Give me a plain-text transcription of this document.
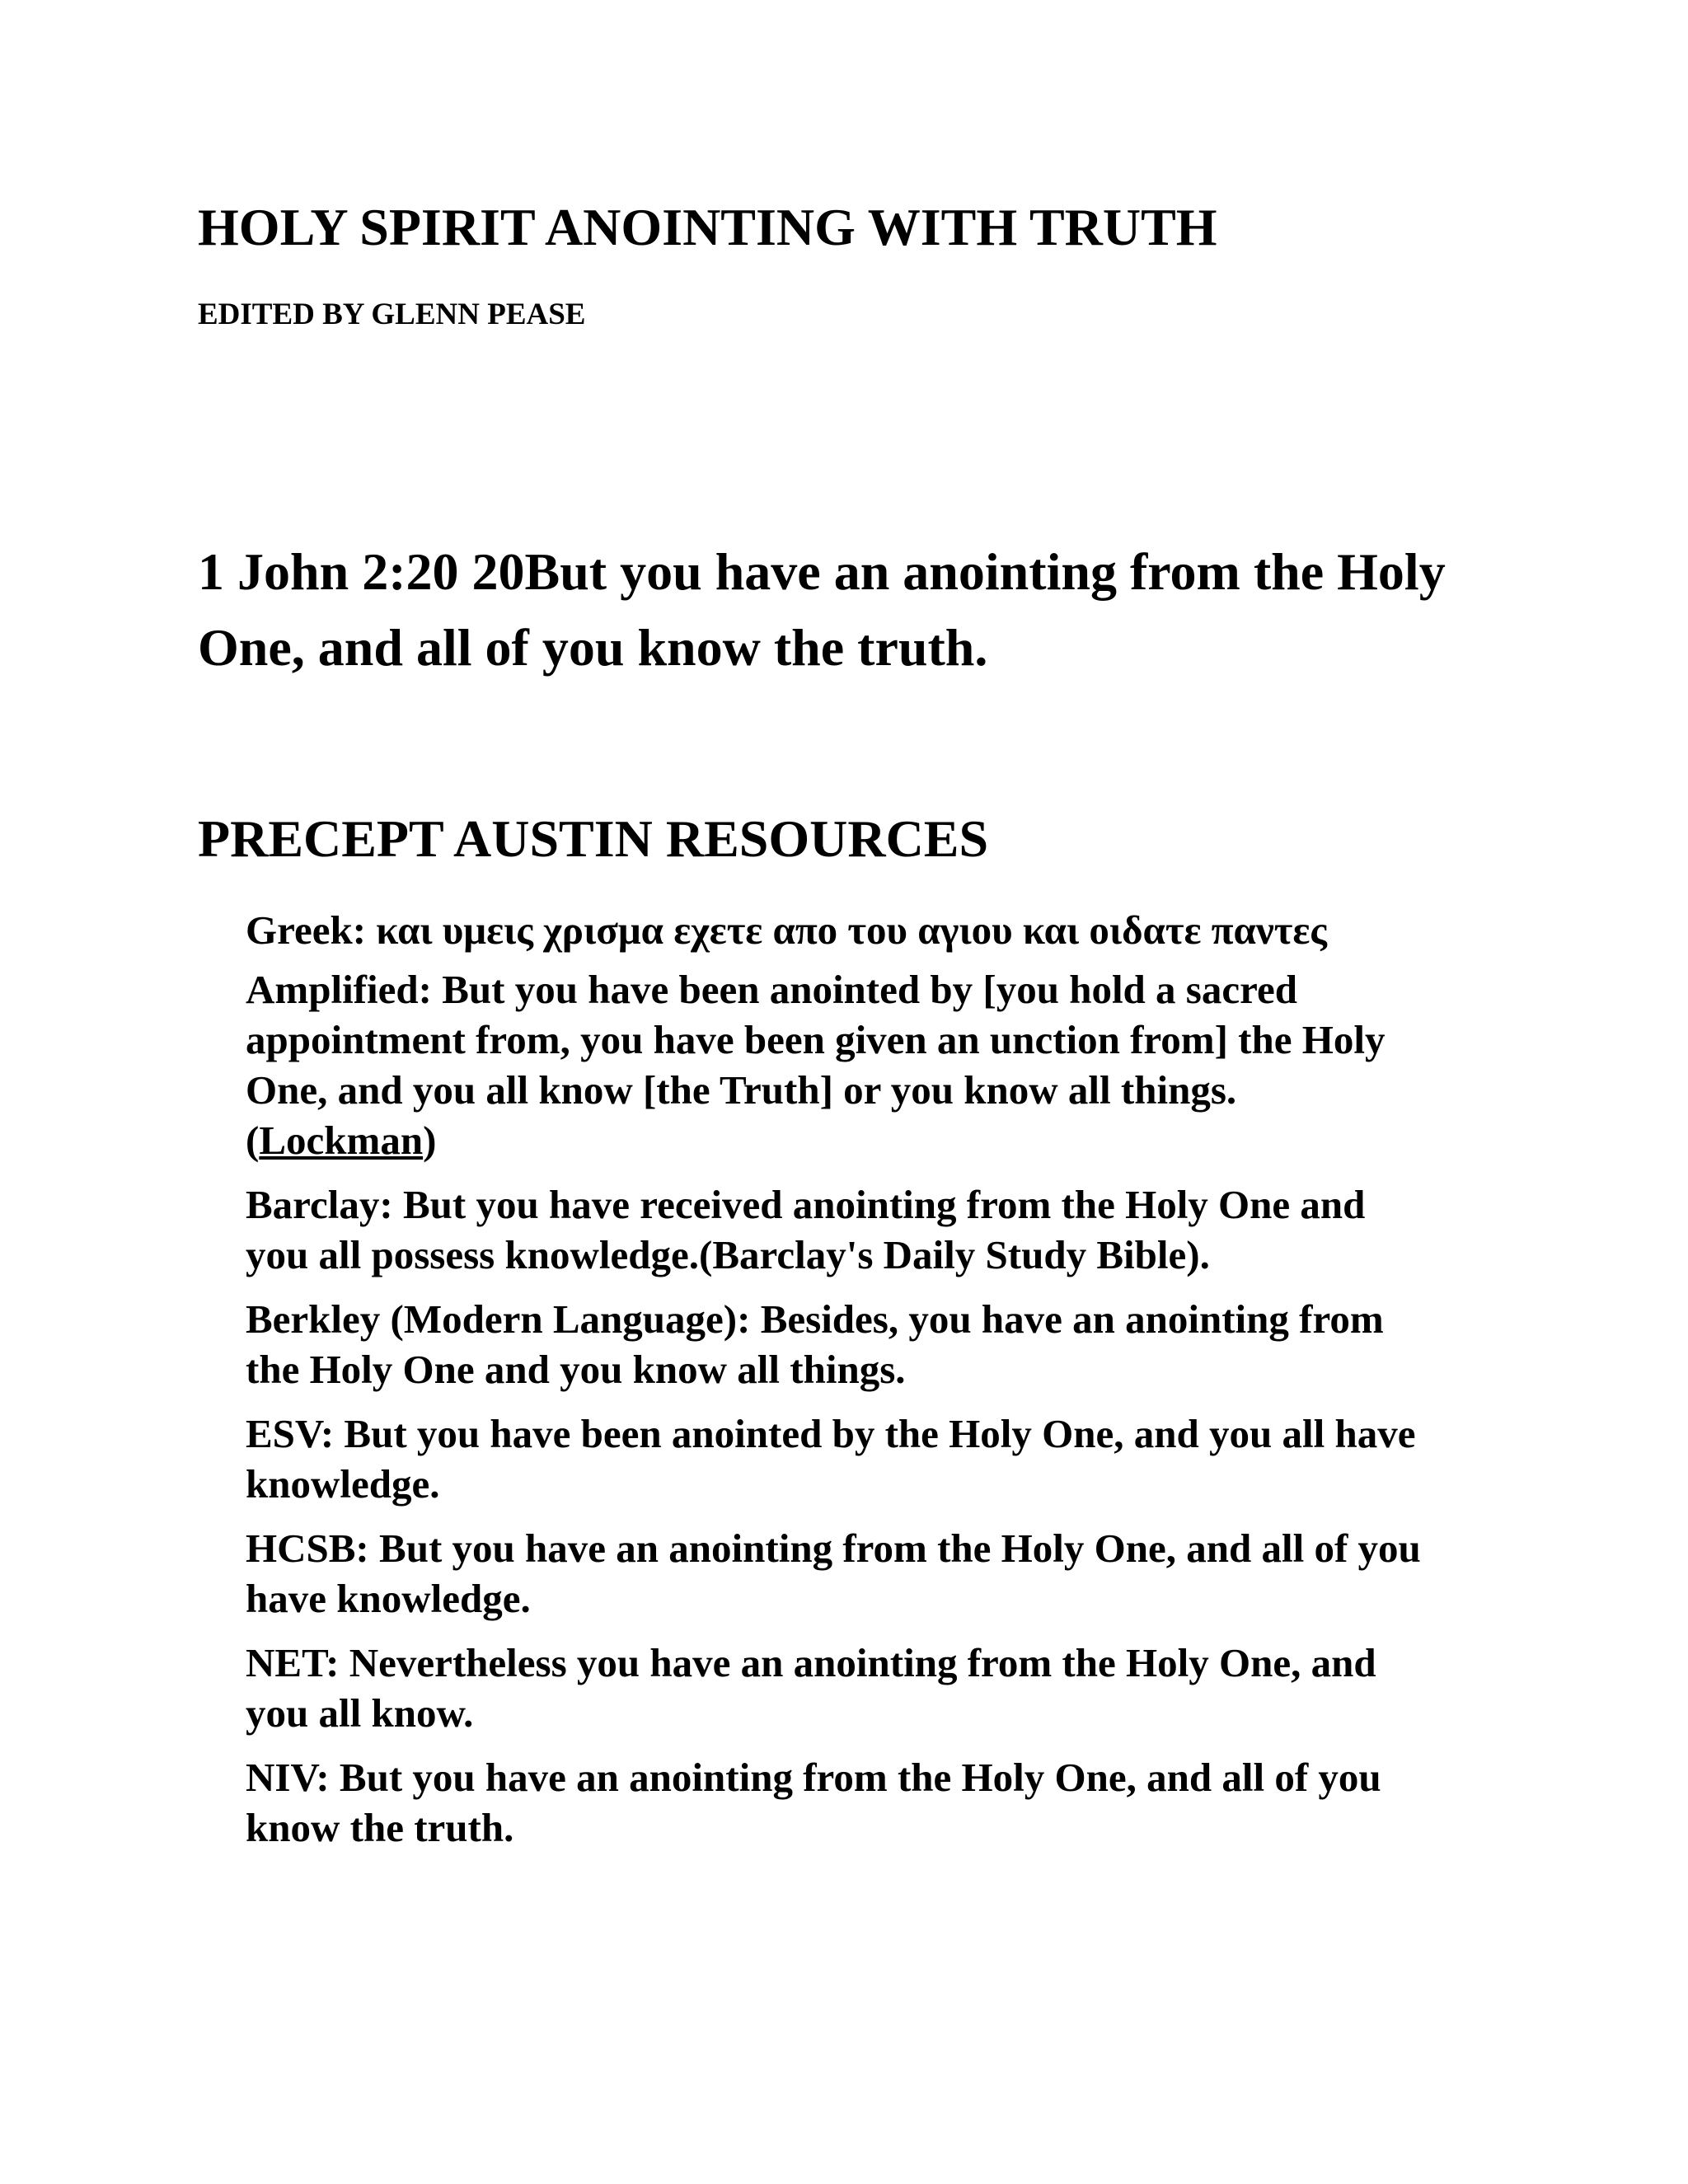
HOLY SPIRIT ANOINTING WITH TRUTH
EDITED BY GLENN PEASE

1 John 2:20 20But you have an anointing from the Holy One, and all of you know the truth.

PRECEPT AUSTIN RESOURCES
Greek: και υμεις χρισμα εχετε απο του αγιου και οιδατε παντες
Amplified: But you have been anointed by [you hold a sacred appointment from, you have been given an unction from] the Holy One, and you all know [the Truth] or you know all things.
(Lockman)
Barclay: But you have received anointing from the Holy One and you all possess knowledge.(Barclay's Daily Study Bible).
Berkley (Modern Language): Besides, you have an anointing from the Holy One and you know all things.
ESV: But you have been anointed by the Holy One, and you all have knowledge.
HCSB: But you have an anointing from the Holy One, and all of you have knowledge.
NET: Nevertheless you have an anointing from the Holy One, and you all know.
NIV: But you have an anointing from the Holy One, and all of you know the truth.
